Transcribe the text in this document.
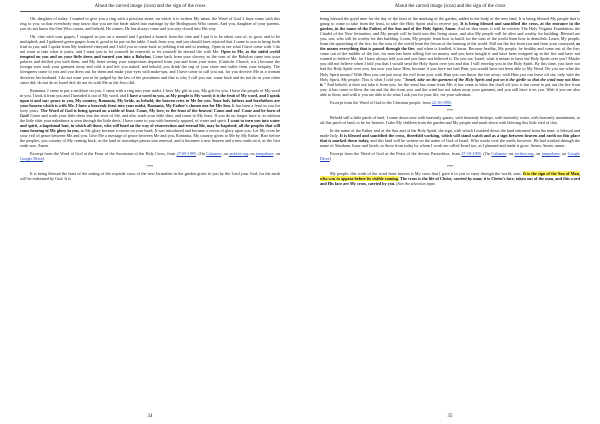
About the carved image (icon) and the sign of the cross

Oh, daughter of today, I wanted to give you a ring with a precious stone, on which it is written My name, the Word of God. I have come with this ring to you, so that everybody may know that you are the bride asked into marriage by the Bridegroom Who comes. And you, daughter of your parents, you do not know the One Who comes, and behold, He comes; He has always come and you stay closed into His way.

Oh, vine with sour grapes, I stopped in you on a mound and I grafted a branch from the vine and I put it to be taken care of, to grow and to be multiplied, and I gathered green grapes from it, good to be put on the table. I took from you, and you should have rejoiced that I came to you to bring forth fruit in you, and I spoke from My tendered vineyard and I told you to come back to yielding fruit and to tending. Open to see what I have come with. I do not want to take what is yours, and I want you to let yourself be renewed, to let yourself be eternal life with Me. Open to Me, as the sinful world tempted on you and on your little dress and turned you into a Babylon. Come back from your slavery, as the sons of the Babylon came into your palaces and defiled you with them, and My heart seeing your subjections departed from you and from your sister, (Catholic Church, n.n.) because the foreign sons took your garment away and sold it and left you naked, and behold, you drink the cup of your sister and suffer from your iniquity. The foreigners come to you and you dress out for them and make your eyes with make-ups, and I have come to call you out, for you deceive Me as a woman deceives her husband. I do not want you to be judged by the law of the prostitutes and that is why I call you out: come back and do not do as your other sister did; do not do as Israel did; do not do with Me as the Jews did.

Romania, I came to put a necklace on you. I came with a ring into your midst. I have My gift in you, My gift for you. I have the people of My word in you. I took it from you and I kneaded it out of My word, and I have a word in you, as My people is My word; it is the fruit of My word, and I speak upon it and say: peace to you, My country, Romania, My bride, as behold, the heaven cries to Me for you. Your holy fathers and forefathers are your heaven which is with Me. I have a heavenly feast into your midst, Romania, My Father's chosen one for His Son. It has been a feast in you for forty years. The Word of God is being spread on a table of feast. Come, My love, to the feast of the heaven! Come and eat! Come and be born of God! Come and wash your little dress into the river of life, and also wash your little shirt, and come to My feast. If you do no longer have it, as without the little shirt your nakedness is seen through the little dress. I have come to you with heavenly apparel, of water and spirit. I want to turn you into water and spirit, a baptismal font, in which all those, who will head on the way of resurrection and eternal life, may be baptized; all the peoples that will come hearing of My glory in you, as My glory became a crown on your head; It was introduced and became a crown of glory upon you. Let My cross be your veil of peace between Me and you. Give Me a message of peace between Me and you, Romania, My country given to Me by My Father. Rise before the peoples, you country of My coming back, as the land of nowadays passes into renewal, and it becomes a new heaven and a new earth on it, as the first earth was. Amen.

Excerpt from the Word of God at the Feast of the Ascension of the Holy Cross, from 27-09-1995. (On Calameo; on archive.org; on jumpshare; on Google Drive)

***

It is being blessed the feast of the setting of the wayside cross of the new Jerusalem in the garden given to you by the Lord your God, for the earth will be redeemed by God. It is

34
About the carved image (icon) and the sign of the cross

being blessed the good time for the day of the feast of the marking of the garden, added to the body of the new land. It is being blessed My people that is going to come to take from the feast, to take the Holy Spirit and to receive joy. It is being blessed and sanctified the cross, at the entrance in the garden, in the name of the Father, of the Son and of the Holy Spirit. Amen. And on that stone, it will be written: The Holy Virginia Foundation, the Citadel of the New Jerusalem, and My people will be built into this living stone, and also My people will be alive and worthy for building. Blessed are you, son, who will be worthy for this building. Learn, My people, learn how to build, for the sons of the world learn how to demolish. Learn, My people, learn the quenching of the fire, for the sons of the world learn the lesson of the burning of the world. Pull out the fire from you and from your courtyard, as the means everything that is passed through the fire, and when is kindled, it burns. Become healthy, My people, be healthy and come out of the fire; come out of the middle of the fire, for man has been selling fire on money and you have bought it and have been wrapped up in the fire and have not wanted to believe Me, for I have always told you and you have not believed it. Do you see, Israel, what it means to have the Holy Spirit over you? Maybe you did not believe when I told you that I would send the Holy Spirit over you and that I will envelop you in the Holy Spirit. By this time, you have not had the Holy Spirit over you, but now you have Him, because if you have not had Him, you would have not been able to My Word. Do you see what the Holy Spirit means? With Him you can put away the evil from you; with Him you can throw the fire away; with Him you can leave off sin; only with the Holy Spirit, My people. This is what I told you: "Israel, take on the garment of the Holy Spirit and put on it the girdle so that the wind may not blow it." And behold, it does not take it from you, for the wind has come from Me; it has come to blow the chaff off you; it has come to put out the fire from you; it has come to blow the sin and the dirt from you, and the wind has not taken away your garment, and you still have it on you. With it you are also able to blow, and with it you are able to do what I ask you for your life, for your salvation.

Excerpt from the Word of God to the Christian people, from 22-10-1995.

***

Behold still a little patch of land. I come down now with heavenly guests, with heavenly bishops, with heavenly water, with heavenly anointment, to oil this patch of land, to be for heaven. I take My children from the garden and My people and mark down with blessing this little sled of clay.

In the name of the Father and of the Son and of the Holy Spirit, the sign, with which I marked down the land entrusted from the man, is blessed and made holy. It is blessed and sanctified the cross, threefold working, which will stand watch and as a sign between heaven and earth on this place that is marked down today, and this land will be written on the name of God of Israel, Who works over the earth; however, He had worked through the name of Abraham, Isaac and Jacob, as those from today by whom I work are called Israel too, as I planned and made it grow. Amen, Amen, amen.

Excerpt from the Word of God at the Feast of the devout Paraschiva, from 27-10-1995. (On Calameo; on archive.org; on jumpshare; on Google Drive)

***

My people, this work of the word from heaven is My cross that I gave it to you to carry through the world, sons. It is the sign of the Son of Man, who was to appear before its visible coming. The cross is the life of Christ, carried by man; it is Christ's face, taken out of the man, and this word and His face are My cross, carried by you. (See the selection topic:

35
